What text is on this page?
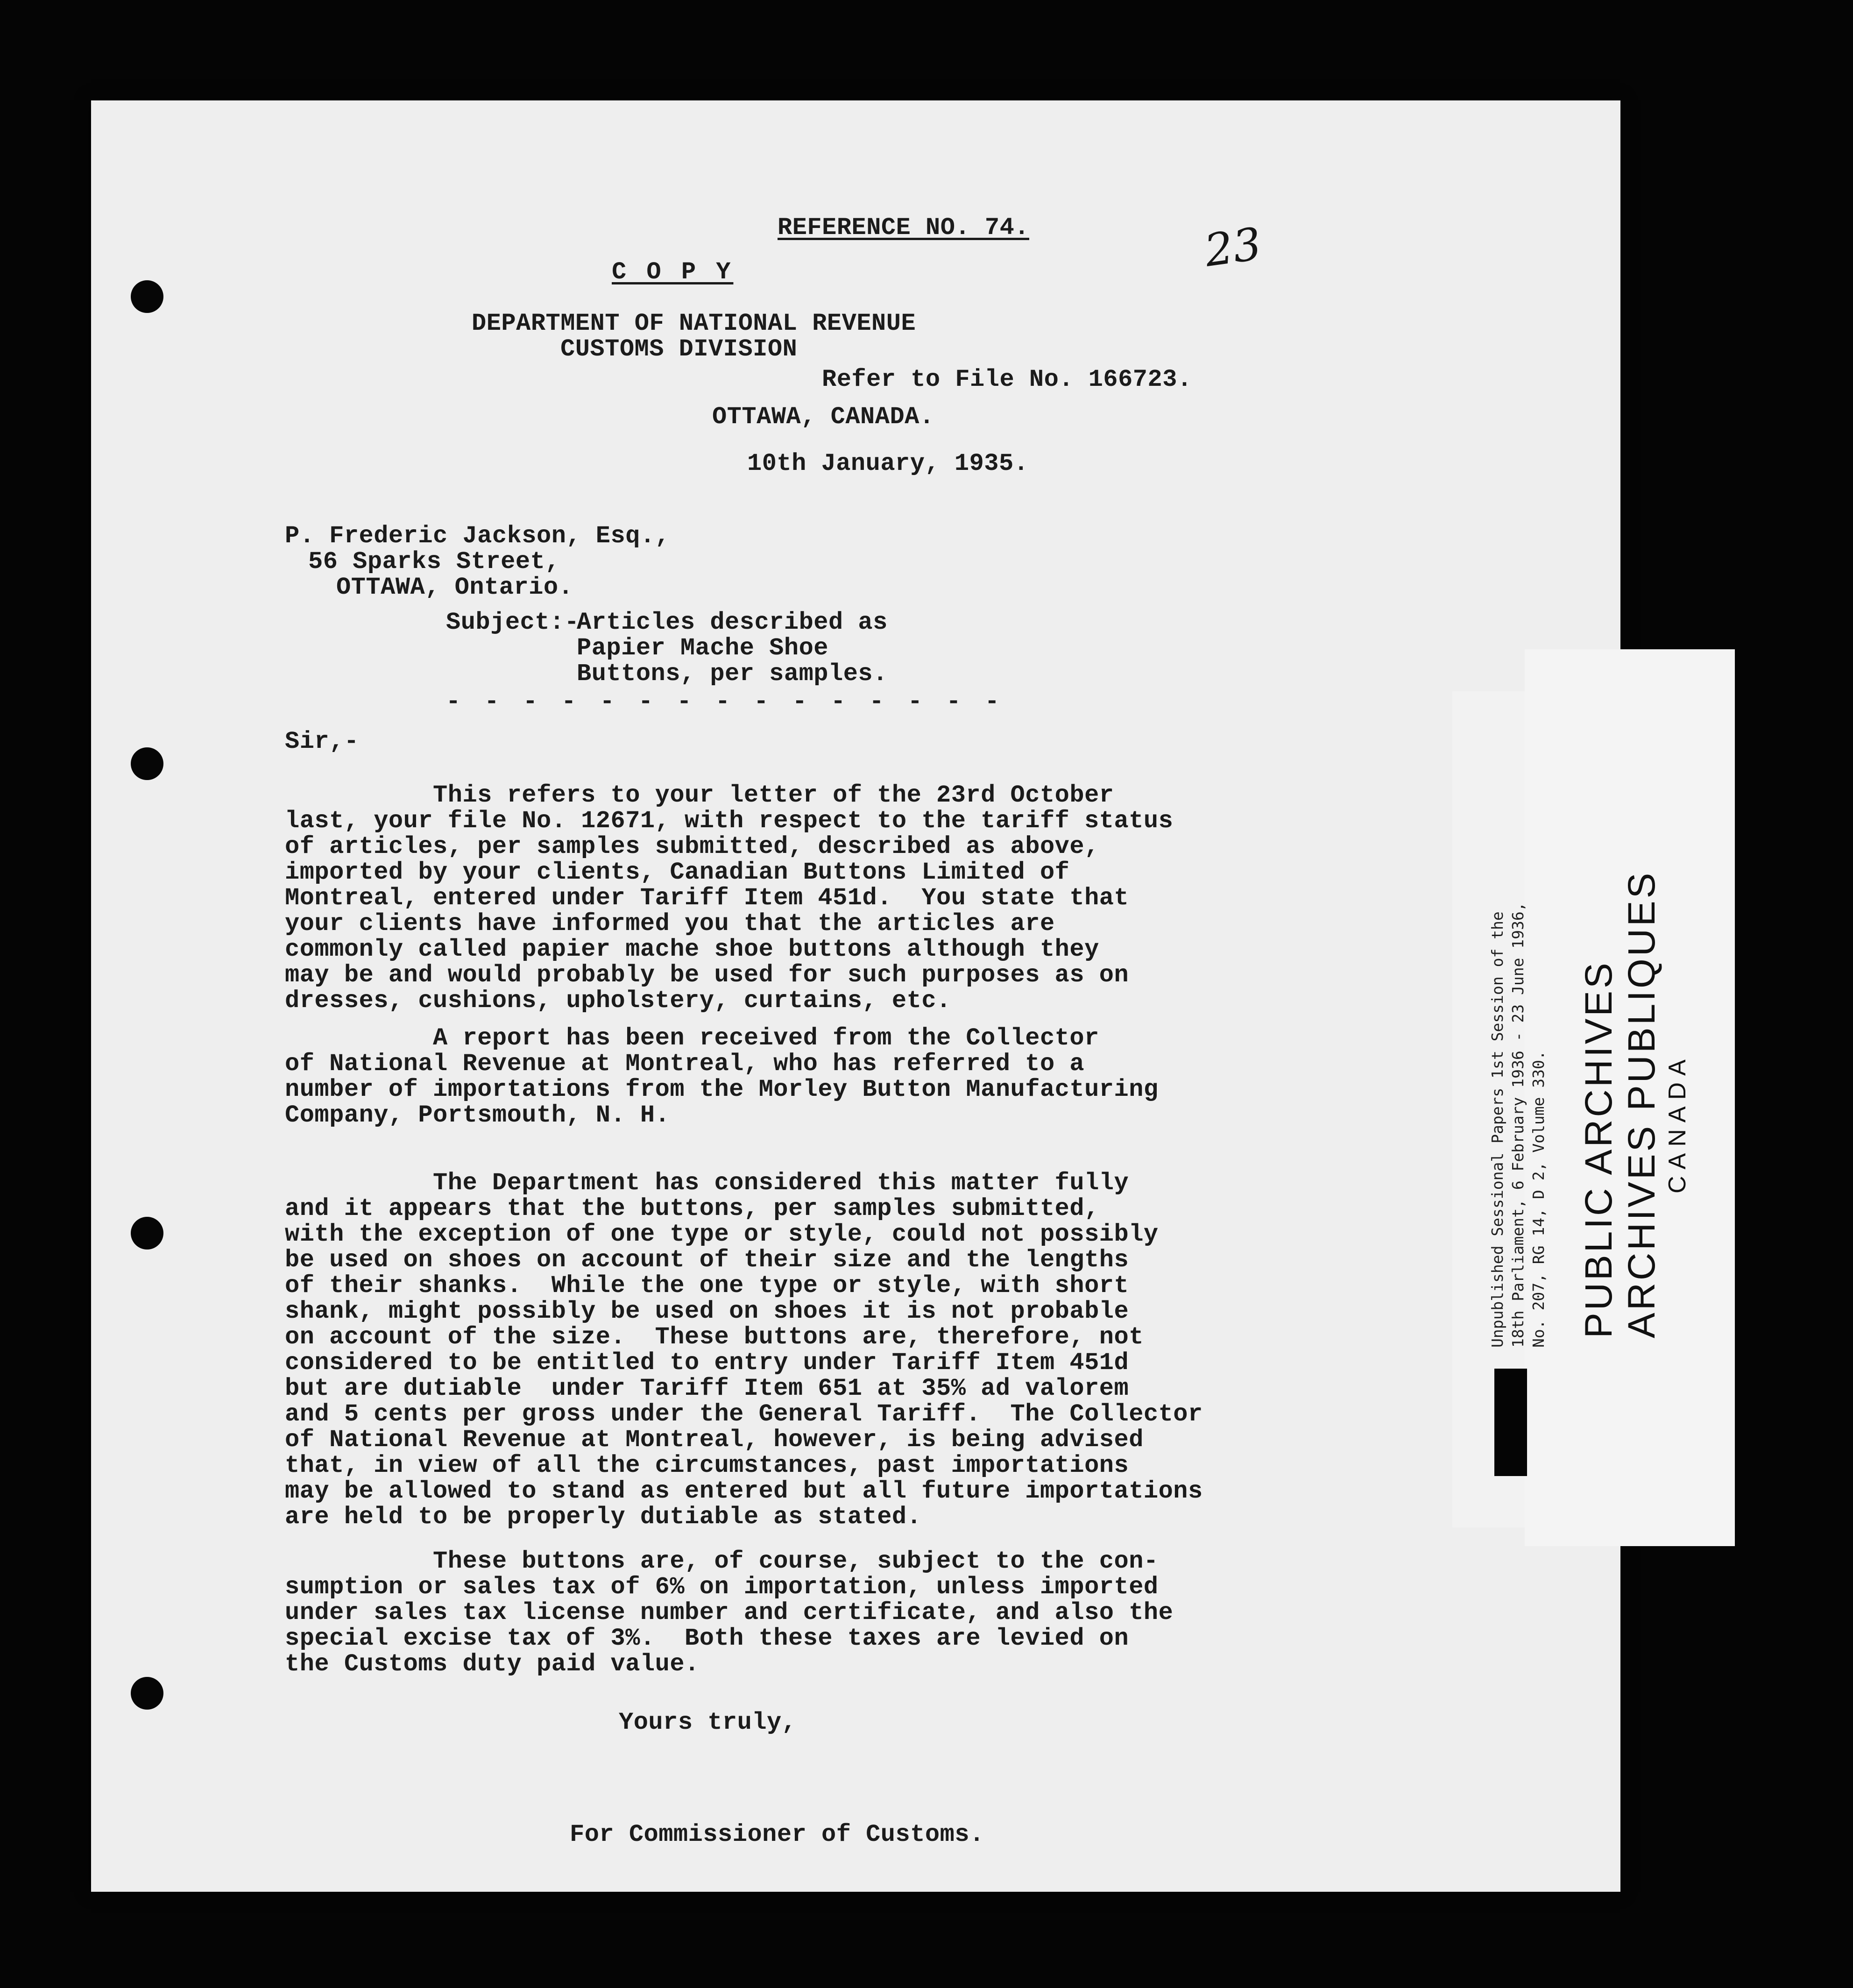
23

REFERENCE NO. 74.

C O P Y

DEPARTMENT OF NATIONAL REVENUE

CUSTOMS DIVISION

Refer to File No. 166723.

OTTAWA, CANADA.

10th January, 1935.

P. Frederic Jackson, Esq.,

56 Sparks Street,

OTTAWA, Ontario.

Subject:-

Articles described as

Papier Mache Shoe

Buttons, per samples.

- - - - - - - - - - - - - - -

Sir,-

This refers to your letter of the 23rd October
last, your file No. 12671, with respect to the tariff status
of articles, per samples submitted, described as above,
imported by your clients, Canadian Buttons Limited of
Montreal, entered under Tariff Item 451d.  You state that
your clients have informed you that the articles are
commonly called papier mache shoe buttons although they
may be and would probably be used for such purposes as on
dresses, cushions, upholstery, curtains, etc.

A report has been received from the Collector
of National Revenue at Montreal, who has referred to a
number of importations from the Morley Button Manufacturing
Company, Portsmouth, N. H.

The Department has considered this matter fully
and it appears that the buttons, per samples submitted,
with the exception of one type or style, could not possibly
be used on shoes on account of their size and the lengths
of their shanks.  While the one type or style, with short
shank, might possibly be used on shoes it is not probable
on account of the size.  These buttons are, therefore, not
considered to be entitled to entry under Tariff Item 451d
but are dutiable  under Tariff Item 651 at 35% ad valorem
and 5 cents per gross under the General Tariff.  The Collector
of National Revenue at Montreal, however, is being advised
that, in view of all the circumstances, past importations
may be allowed to stand as entered but all future importations
are held to be properly dutiable as stated.

These buttons are, of course, subject to the con-
sumption or sales tax of 6% on importation, unless imported
under sales tax license number and certificate, and also the
special excise tax of 3%.  Both these taxes are levied on
the Customs duty paid value.

Yours truly,

For Commissioner of Customs.

Unpublished Sessional Papers 1st Session of the 18th Parliament, 6 February 1936 - 23 June 1936, No. 207, RG 14, D 2, Volume 330. PUBLIC ARCHIVES ARCHIVES PUBLIQUES CANADA
